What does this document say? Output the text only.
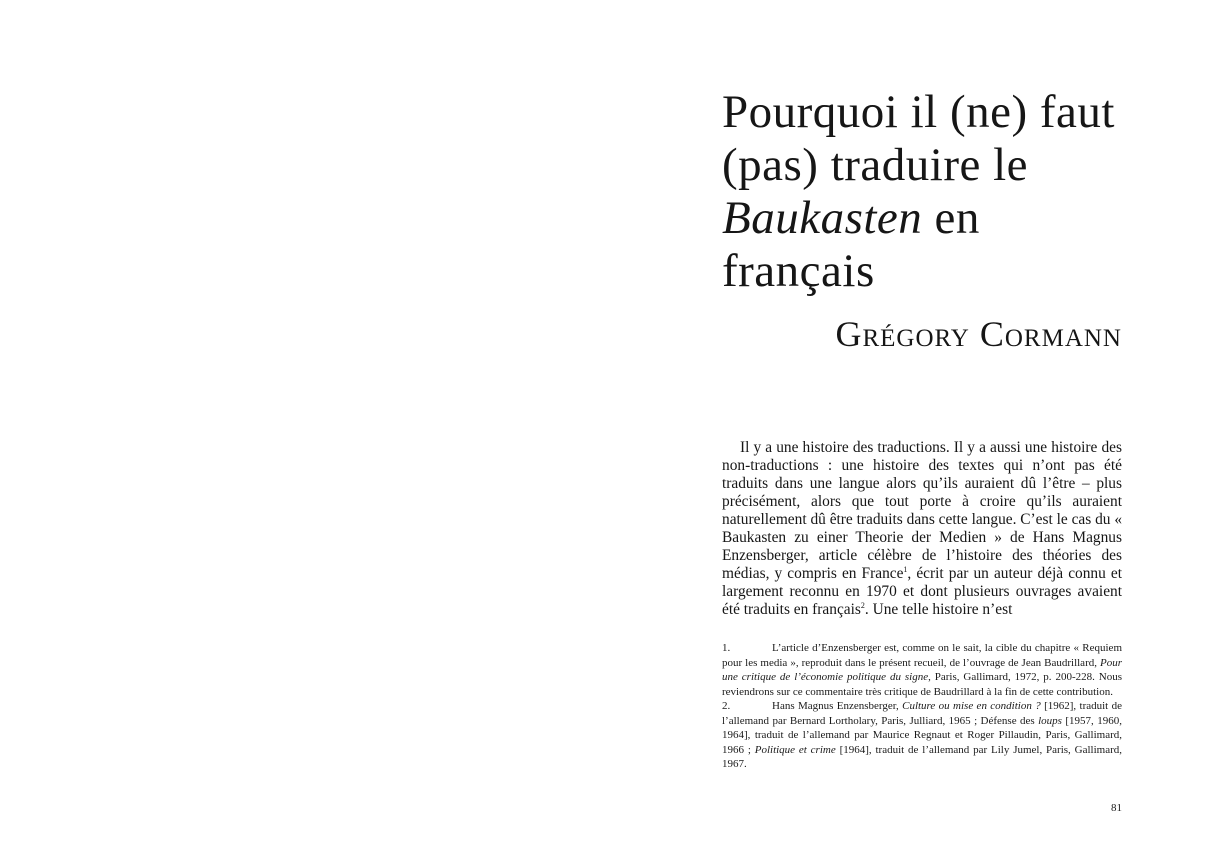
Pourquoi il (ne) faut (pas) traduire le Baukasten en français
Grégory Cormann

Il y a une histoire des traductions. Il y a aussi une histoire des non-traductions : une histoire des textes qui n’ont pas été traduits dans une langue alors qu’ils auraient dû l’être – plus précisément, alors que tout porte à croire qu’ils auraient naturellement dû être traduits dans cette langue. C’est le cas du « Baukasten zu einer Theorie der Medien » de Hans Magnus Enzensberger, article célèbre de l’histoire des théories des médias, y compris en France$^1$, écrit par un auteur déjà connu et largement reconnu en 1970 et dont plusieurs ouvrages avaient été traduits en français$^2$. Une telle histoire n’est

1.	L’article d’Enzensberger est, comme on le sait, la cible du chapitre « Requiem pour les media », reproduit dans le présent recueil, de l’ouvrage de Jean Baudrillard, Pour une critique de l’économie politique du signe, Paris, Gallimard, 1972, p. 200-228. Nous reviendrons sur ce commentaire très critique de Baudrillard à la fin de cette contribution.

2.	Hans Magnus Enzensberger, Culture ou mise en condition ? [1962], traduit de l’allemand par Bernard Lortholary, Paris, Julliard, 1965 ; Défense des loups [1957, 1960, 1964], traduit de l’allemand par Maurice Regnaut et Roger Pillaudin, Paris, Gallimard, 1966 ; Politique et crime [1964], traduit de l’allemand par Lily Jumel, Paris, Gallimard, 1967.

81
